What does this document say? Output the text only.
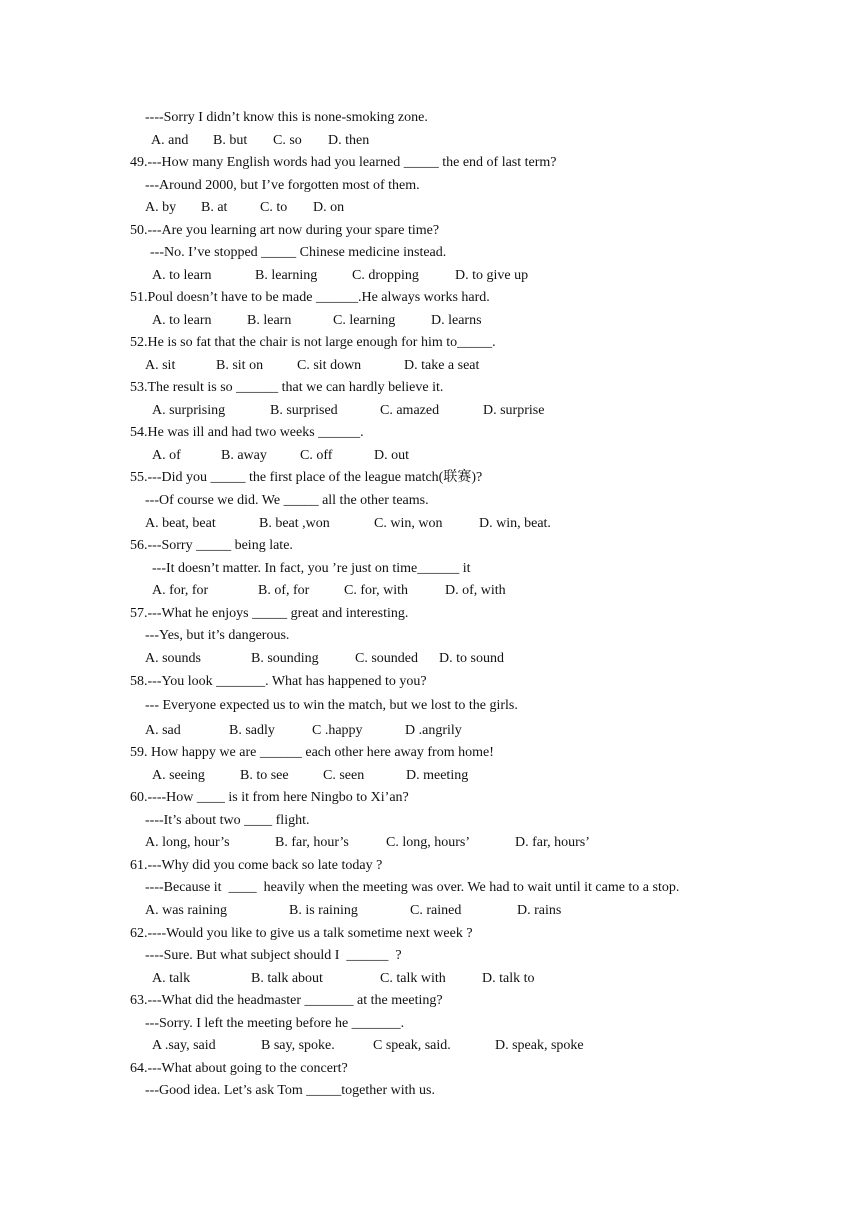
----Sorry I didn’t know this is none-smoking zone.
A. and B. but C. so D. then
49.---How many English words had you learned _____ the end of last term?
---Around 2000, but I’ve forgotten most of them.
A. by B. at C. to D. on
50.---Are you learning art now during your spare time?
---No. I’ve stopped _____ Chinese medicine instead.
A. to learn	B. learning C. dropping	D. to give up
51.Poul doesn’t have to be made ______.He always works hard.
A. to learn	B. learn	C. learning	D. learns
52.He is so fat that the chair is not large enough for him to_____.
A. sit	B. sit on C. sit down	D. take a seat
53.The result is so ______ that we can hardly believe it.
A. surprising	B. surprised	C. amazed	D. surprise
54.He was ill and had two weeks ______.
A. of	B. away C. off	D. out
55.---Did you _____ the first place of the league match(联赛)?
---Of course we did. We _____ all the other teams.
A. beat, beat	B. beat ,won	C. win, won	D. win, beat.
56.---Sorry _____ being late.
---It doesn’t matter. In fact, you ’re just on time______ it
A. for, for	B. of, for C. for, with	D. of, with
57.---What he enjoys _____ great and interesting.
---Yes, but it’s dangerous.
A. sounds	B. sounding	C. sounded D. to sound
58.---You look _______. What has happened to you?
--- Everyone expected us to win the match, but we lost to the girls.
A. sad	B. sadly	C .happy	D .angrily
59. How happy we are ______ each other here away from home!
A. seeing	B. to see C. seen	D. meeting
60.----How ____ is it from here Ningbo to Xi’an?
----It’s about two ____ flight.
A. long, hour’s	B. far, hour’s	C. long, hours’	D. far, hours’
61.---Why did you come back so late today ?
----Because it  ____  heavily when the meeting was over. We had to wait until it came to a stop.
A. was raining	B. is raining	C. rained	D. rains
62.----Would you like to give us a talk sometime next week ?
----Sure. But what subject should I  ______  ?
A. talk	B. talk about	C. talk with	D. talk to
63.---What did the headmaster _______ at the meeting?
---Sorry. I left the meeting before he _______.
A .say, said	B say, spoke.	C speak, said.	D. speak, spoke
64.---What about going to the concert?
---Good idea. Let’s ask Tom _____together with us.
